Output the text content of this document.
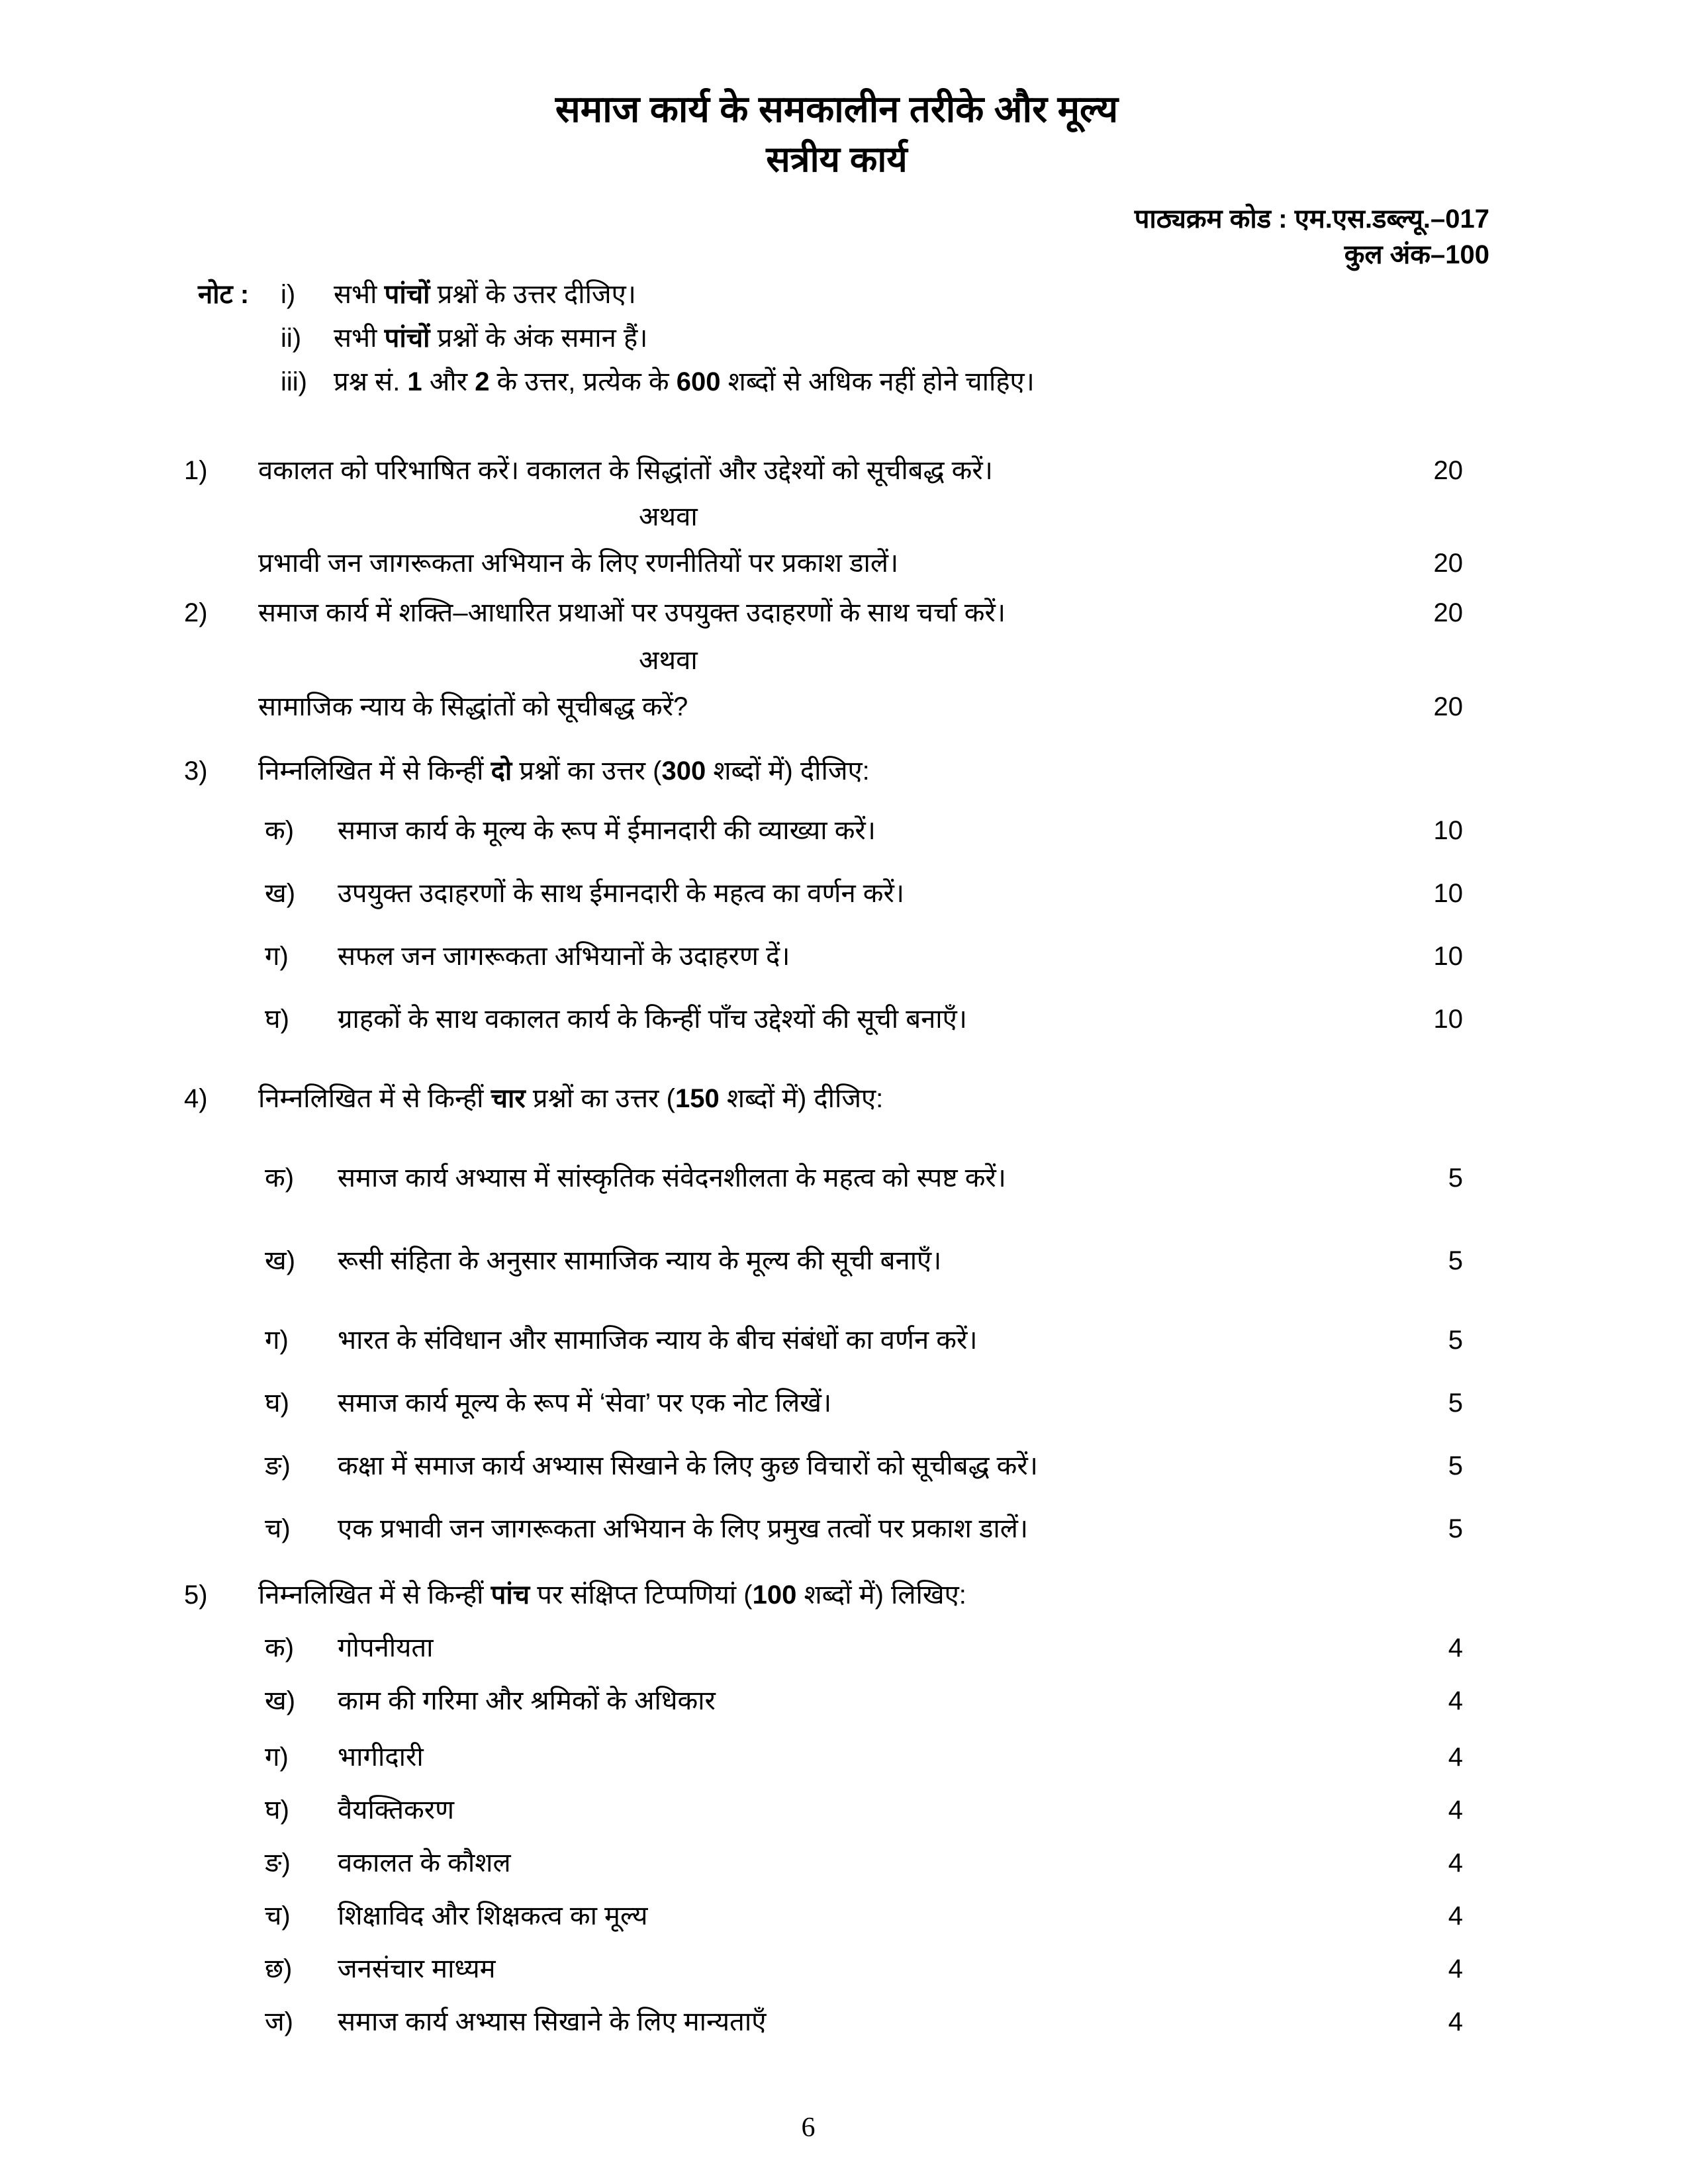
समाज कार्य के समकालीन तरीके और मूल्य
सत्रीय कार्य
पाठ्यक्रम कोड : एम.एस.डब्ल्यू.–017
कुल अंक–100
नोट :	i)	सभी पांचों प्रश्नों के उत्तर दीजिए।
ii)	सभी पांचों प्रश्नों के अंक समान हैं।
iii)	प्रश्न सं. 1 और 2 के उत्तर, प्रत्येक के 600 शब्दों से अधिक नहीं होने चाहिए।
1)	वकालत को परिभाषित करें। वकालत के सिद्धांतों और उद्देश्यों को सूचीबद्ध करें।	20
अथवा
प्रभावी जन जागरूकता अभियान के लिए रणनीतियों पर प्रकाश डालें।	20
2)	समाज कार्य में शक्ति–आधारित प्रथाओं पर उपयुक्त उदाहरणों के साथ चर्चा करें।	20
अथवा
सामाजिक न्याय के सिद्धांतों को सूचीबद्ध करें?	20
3)	निम्नलिखित में से किन्हीं दो प्रश्नों का उत्तर (300 शब्दों में) दीजिए:
क)	समाज कार्य के मूल्य के रूप में ईमानदारी की व्याख्या करें।	10
ख)	उपयुक्त उदाहरणों के साथ ईमानदारी के महत्व का वर्णन करें।	10
ग)	सफल जन जागरूकता अभियानों के उदाहरण दें।	10
घ)	ग्राहकों के साथ वकालत कार्य के किन्हीं पाँच उद्देश्यों की सूची बनाएँ।	10
4)	निम्नलिखित में से किन्हीं चार प्रश्नों का उत्तर (150 शब्दों में) दीजिए:
क)	समाज कार्य अभ्यास में सांस्कृतिक संवेदनशीलता के महत्व को स्पष्ट करें।	5
ख)	रूसी संहिता के अनुसार सामाजिक न्याय के मूल्य की सूची बनाएँ।	5
ग)	भारत के संविधान और सामाजिक न्याय के बीच संबंधों का वर्णन करें।	5
घ)	समाज कार्य मूल्य के रूप में ‘सेवा’ पर एक नोट लिखें।	5
ङ)	कक्षा में समाज कार्य अभ्यास सिखाने के लिए कुछ विचारों को सूचीबद्ध करें।	5
च)	एक प्रभावी जन जागरूकता अभियान के लिए प्रमुख तत्वों पर प्रकाश डालें।	5
5)	निम्नलिखित में से किन्हीं पांच पर संक्षिप्त टिप्पणियां (100 शब्दों में) लिखिए:
क)	गोपनीयता	4
ख)	काम की गरिमा और श्रमिकों के अधिकार	4
ग)	भागीदारी	4
घ)	वैयक्तिकरण	4
ङ)	वकालत के कौशल	4
च)	शिक्षाविद और शिक्षकत्व का मूल्य	4
छ)	जनसंचार माध्यम	4
ज)	समाज कार्य अभ्यास सिखाने के लिए मान्यताएँ	4
6
